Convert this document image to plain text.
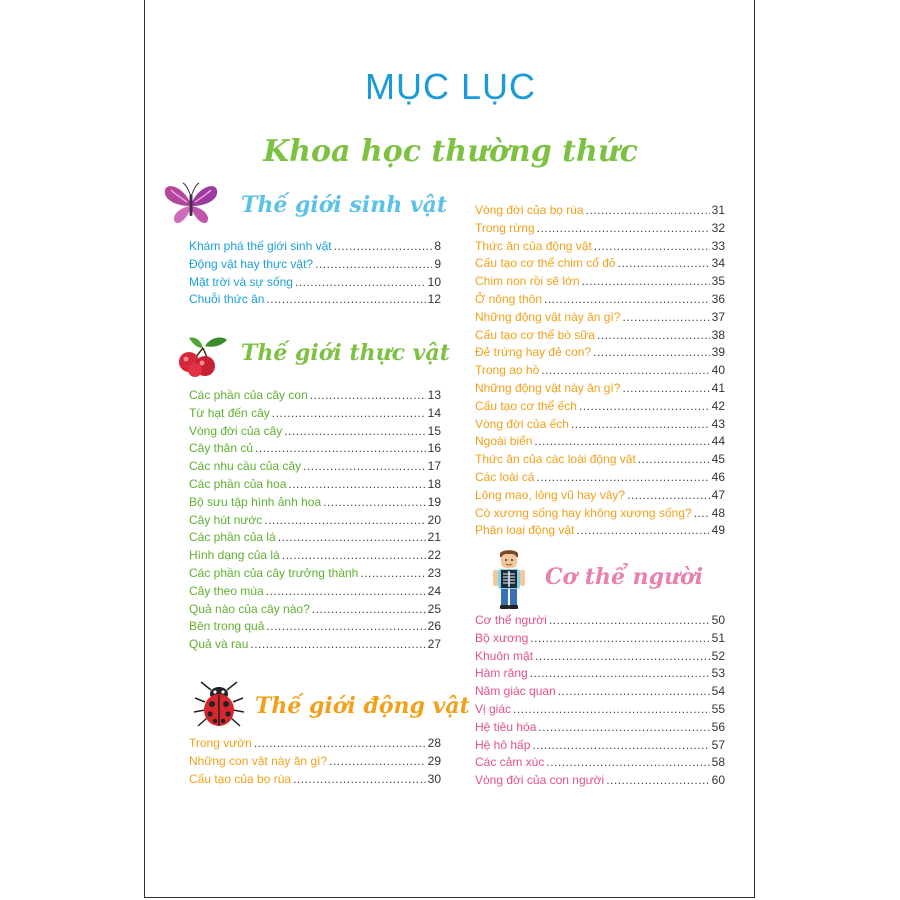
MỤC LỤC
Khoa học thường thức
Thế giới sinh vật
Khám phá thế giới sinh vật .....	8
Động vật hay thực vật? .....	9
Mặt trời và sự sống .....	10
Chuỗi thức ăn .....	12
Thế giới thực vật
Các phần của cây con .....	13
Từ hạt đến cây .....	14
Vòng đời của cây .....	15
Cây thân củ .....	16
Các nhu cầu của cây .....	17
Các phần của hoa .....	18
Bộ sưu tập hình ảnh hoa .....	19
Cây hút nước .....	20
Các phần của lá .....	21
Hình dạng của lá .....	22
Các phần của cây trưởng thành .....	23
Cây theo mùa .....	24
Quả nào của cây nào? .....	25
Bên trong quả .....	26
Quả và rau .....	27
Thế giới động vật
Trong vườn .....	28
Những con vật này ăn gì? .....	29
Cấu tạo của bọ rùa .....	30
Vòng đời của bọ rùa .....	31
Trong rừng .....	32
Thức ăn của động vật .....	33
Cấu tạo cơ thể chim cổ đỏ .....	34
Chim non rồi sẽ lớn .....	35
Ở nông thôn .....	36
Những động vật này ăn gì? .....	37
Cấu tạo cơ thể bò sữa .....	38
Đẻ trứng hay đẻ con? .....	39
Trong ao hồ .....	40
Những động vật này ăn gì? .....	41
Cấu tạo cơ thể ếch .....	42
Vòng đời của ếch .....	43
Ngoài biển .....	44
Thức ăn của các loài động vật .....	45
Các loài cá .....	46
Lông mao, lông vũ hay vây? .....	47
Có xương sống hay không xương sống? ..... 48
Phân loại động vật .....	49
Cơ thể người
Cơ thể người .....	50
Bộ xương .....	51
Khuôn mặt .....	52
Hàm răng .....	53
Năm giác quan .....	54
Vị giác .....	55
Hệ tiêu hóa .....	56
Hệ hô hấp .....	57
Các cảm xúc .....	58
Vòng đời của con người .....	60
